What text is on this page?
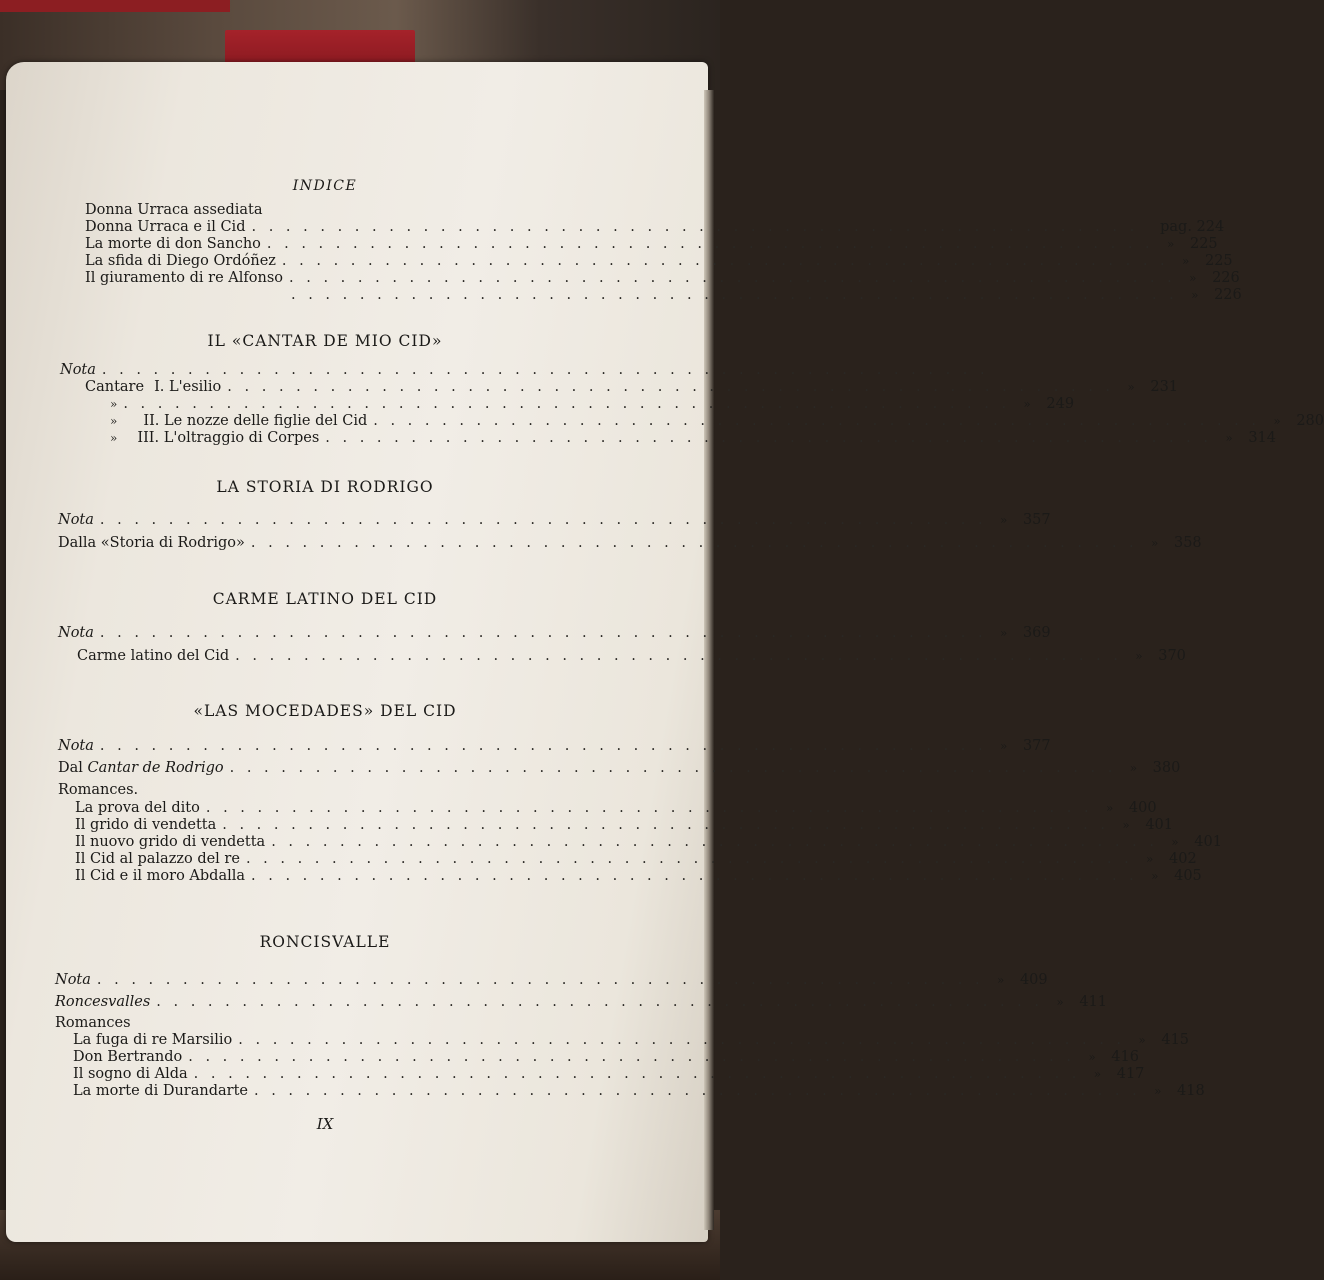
INDICE
Donna Urraca assediata
Donna Urraca e il Cid . . . . . . . . . . . . . . . . . . . . . . . . . . . . . . . . . . . . . . . . . . . . . . . . . . . .	pag. 224
La morte di don Sancho . . . . . . . . . . . . . . . . . . . . . . . . . . . . . . . . . . . . . . . . . . . . . . . . . . . .	»	225
La sfida di Diego Ordóñez . . . . . . . . . . . . . . . . . . . . . . . . . . . . . . . . . . . . . . . . . . . . . . . . . . . .	»	225
Il giuramento di re Alfonso . . . . . . . . . . . . . . . . . . . . . . . . . . . . . . . . . . . . . . . . . . . . . . . . . . . .	»	226
. . . . . . . . . . . . . . . . . . . . . . . . . . . . . . . . . . . . . . . . . . . . . . . . . . . .	»	226
IL «CANTAR DE MIO CID»
Nota . . . . . . . . . . . . . . . . . . . . . . . . . . . . . . . . . . . . . . . . . . . . . . . . . . . .
Cantare I. L'esilio . . . . . . . . . . . . . . . . . . . . . . . . . . . . . . . . . . . . . . . . . . . . . . . . . . . .	»	231
» . . . . . . . . . . . . . . . . . . . . . . . . . . . . . . . . . . . . . . . . . . . . . . . . . . . .	»	249
» II. Le nozze delle figlie del Cid . . . . . . . . . . . . . . . . . . . . . . . . . . . . . . . . . . . . . . . . . . . . . . . . . . . .	»	280
» III. L'oltraggio di Corpes . . . . . . . . . . . . . . . . . . . . . . . . . . . . . . . . . . . . . . . . . . . . . . . . . . . .	»	314
LA STORIA DI RODRIGO
Nota . . . . . . . . . . . . . . . . . . . . . . . . . . . . . . . . . . . . . . . . . . . . . . . . . . . .	»	357
Dalla «Storia di Rodrigo» . . . . . . . . . . . . . . . . . . . . . . . . . . . . . . . . . . . . . . . . . . . . . . . . . . . .	»	358
CARME LATINO DEL CID
Nota . . . . . . . . . . . . . . . . . . . . . . . . . . . . . . . . . . . . . . . . . . . . . . . . . . . .	»	369
Carme latino del Cid . . . . . . . . . . . . . . . . . . . . . . . . . . . . . . . . . . . . . . . . . . . . . . . . . . . .	»	370
«LAS MOCEDADES» DEL CID
Nota . . . . . . . . . . . . . . . . . . . . . . . . . . . . . . . . . . . . . . . . . . . . . . . . . . . .	»	377
Dal Cantar de Rodrigo . . . . . . . . . . . . . . . . . . . . . . . . . . . . . . . . . . . . . . . . . . . . . . . . . . . .	»	380
Romances.
La prova del dito . . . . . . . . . . . . . . . . . . . . . . . . . . . . . . . . . . . . . . . . . . . . . . . . . . . .	»	400
Il grido di vendetta . . . . . . . . . . . . . . . . . . . . . . . . . . . . . . . . . . . . . . . . . . . . . . . . . . . .	»	401
Il nuovo grido di vendetta . . . . . . . . . . . . . . . . . . . . . . . . . . . . . . . . . . . . . . . . . . . . . . . . . . . .	»	401
Il Cid al palazzo del re . . . . . . . . . . . . . . . . . . . . . . . . . . . . . . . . . . . . . . . . . . . . . . . . . . . .	»	402
Il Cid e il moro Abdalla . . . . . . . . . . . . . . . . . . . . . . . . . . . . . . . . . . . . . . . . . . . . . . . . . . . .	»	405
RONCISVALLE
Nota . . . . . . . . . . . . . . . . . . . . . . . . . . . . . . . . . . . . . . . . . . . . . . . . . . . .	»	409
Roncesvalles . . . . . . . . . . . . . . . . . . . . . . . . . . . . . . . . . . . . . . . . . . . . . . . . . . . .	»	411
Romances
La fuga di re Marsilio . . . . . . . . . . . . . . . . . . . . . . . . . . . . . . . . . . . . . . . . . . . . . . . . . . . .	»	415
Don Bertrando . . . . . . . . . . . . . . . . . . . . . . . . . . . . . . . . . . . . . . . . . . . . . . . . . . . .	»	416
Il sogno di Alda . . . . . . . . . . . . . . . . . . . . . . . . . . . . . . . . . . . . . . . . . . . . . . . . . . . .	»	417
La morte di Durandarte . . . . . . . . . . . . . . . . . . . . . . . . . . . . . . . . . . . . . . . . . . . . . . . . . . . .	»	418
IX
